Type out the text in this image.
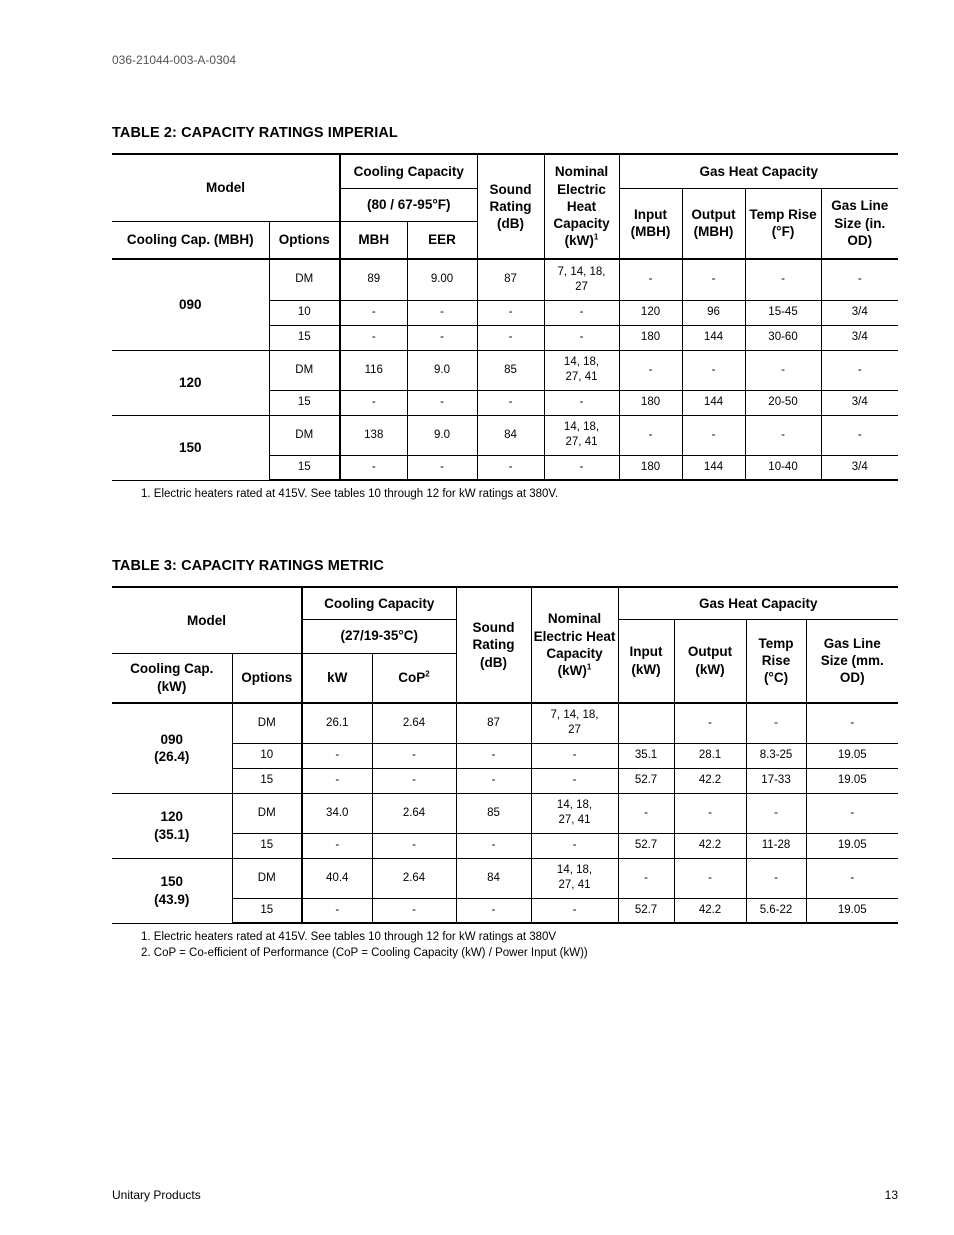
036-21044-003-A-0304
TABLE 2: CAPACITY RATINGS IMPERIAL
Model		Cooling Capacity		Sound Rating (dB)	Nominal Electric Heat Capacity
(kW)$^1$	Gas Heat Capacity			
		(80 / 67-95°F)				Input (MBH)	Output (MBH)	Temp Rise (°F)	Gas Line Size (in. OD)
Cooling Cap. (MBH)	Options	MBH	EER						
090	DM	89	9.00	87	7, 14, 18, 27	-	-	-	-
	10	-	-	-	-	120	96	15-45	3/4
	15	-	-	-	-	180	144	30-60	3/4
120	DM	116	9.0	85	14, 18, 27, 41	-	-	-	-
	15	-	-	-	-	180	144	20-50	3/4
150	DM	138	9.0	84	14, 18, 27, 41	-	-	-	-
	15	-	-	-	-	180	144	10-40	3/4
1. Electric heaters rated at 415V. See tables 10 through 12 for kW ratings at 380V.
TABLE 3: CAPACITY RATINGS METRIC
Model		Cooling Capacity		Sound Rating (dB)	Nominal Electric Heat Capacity
(kW)$^1$	Gas Heat Capacity			
		(27/19-35°C)				Input (kW)	Output (kW)	Temp Rise (°C)	Gas Line Size (mm. OD)
Cooling Cap. (kW)	Options	kW	CoP$^2$
090
(26.4)	DM	26.1	2.64	87	7, 14, 18, 27		-	-	-
	10	-	-	-	-	35.1	28.1	8.3-25	19.05
	15	-	-	-	-	52.7	42.2	17-33	19.05
120
(35.1)	DM	34.0	2.64	85	14, 18, 27, 41	-	-	-	-
	15	-	-	-	-	52.7	42.2	11-28	19.05
150
(43.9)	DM	40.4	2.64	84	14, 18, 27, 41	-	-	-	-
	15	-	-	-	-	52.7	42.2	5.6-22	19.05
1. Electric heaters rated at 415V. See tables 10 through 12 for kW ratings at 380V
2. CoP = Co-efficient of Performance (CoP = Cooling Capacity (kW) / Power Input (kW))
Unitary Products	13
